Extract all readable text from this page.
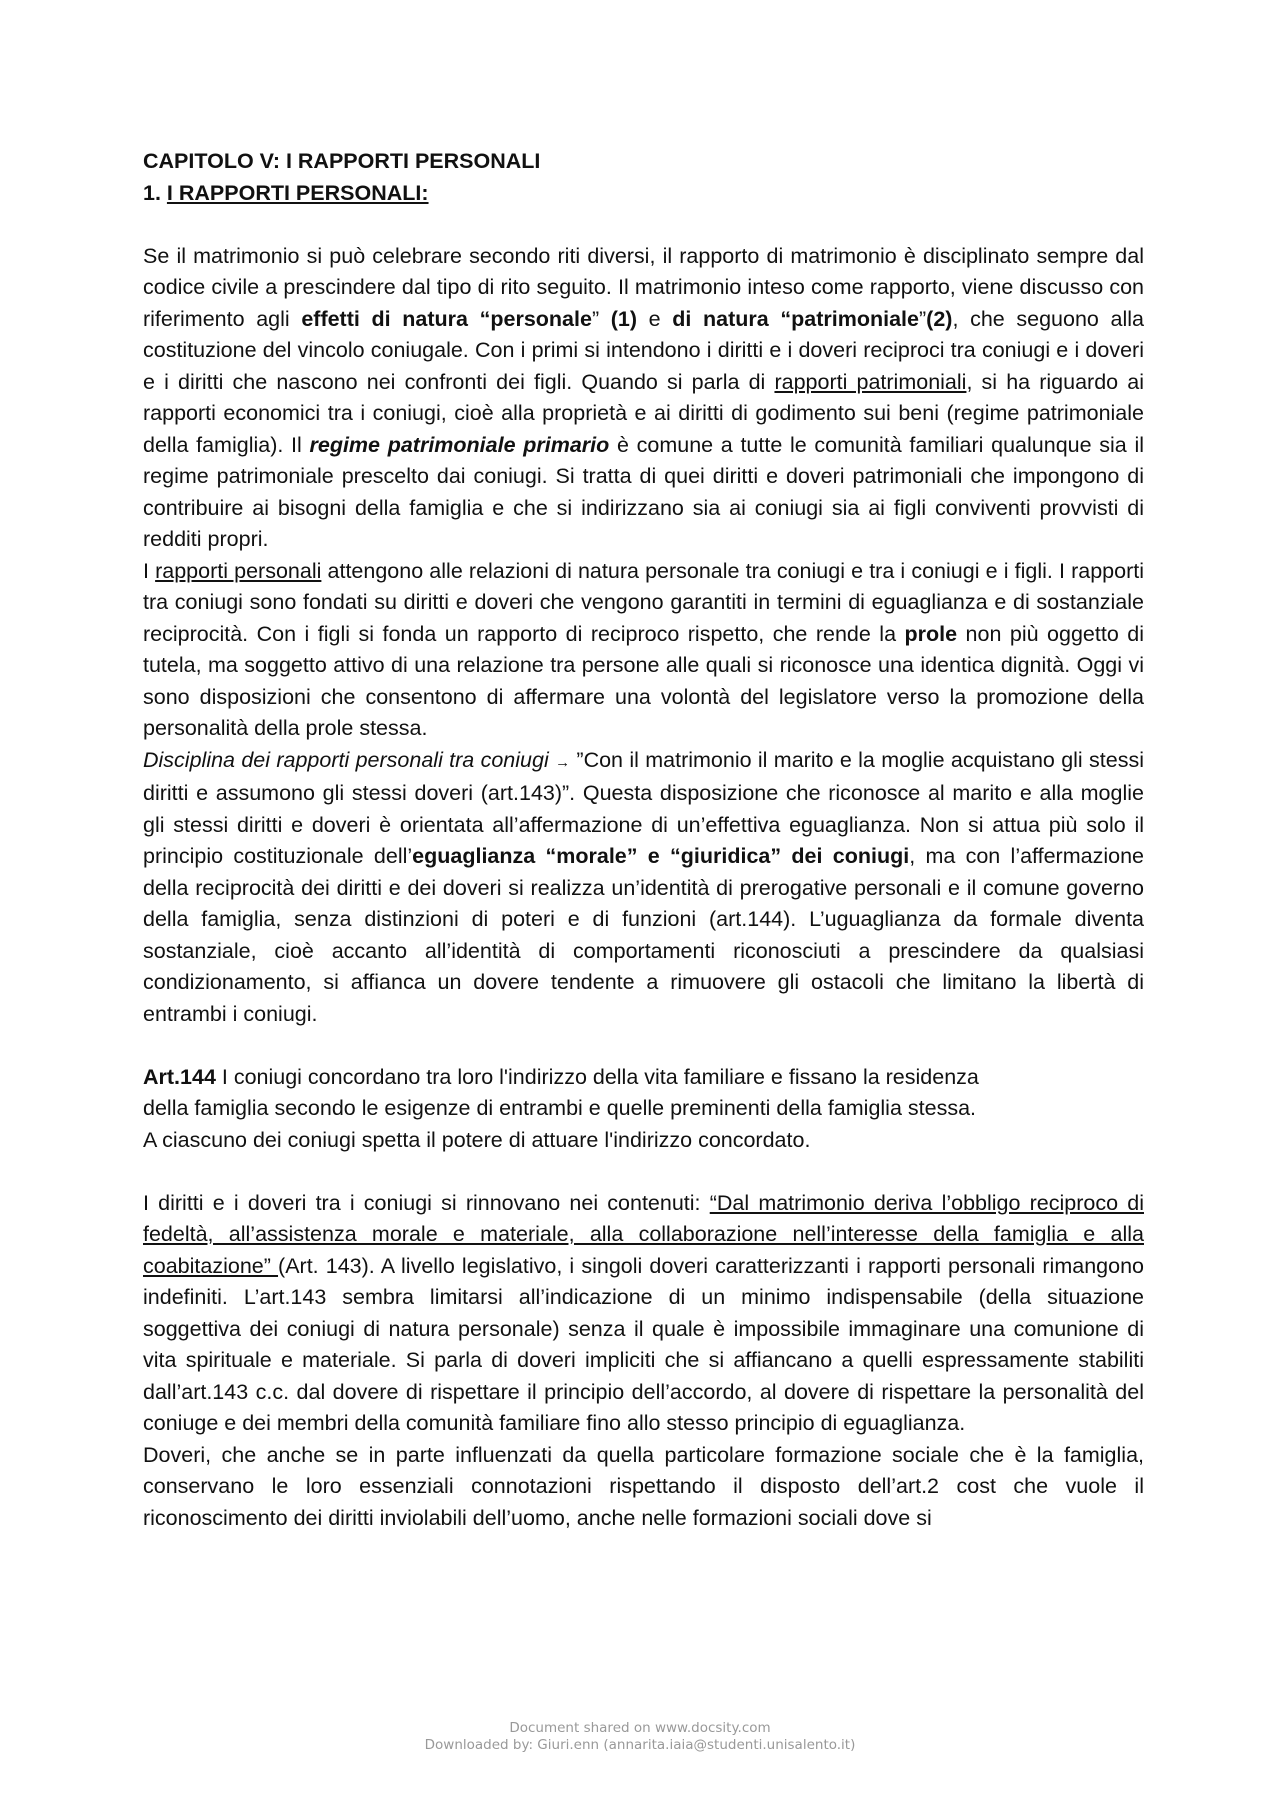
CAPITOLO V: I RAPPORTI PERSONALI

1. I RAPPORTI PERSONALI:

Se il matrimonio si può celebrare secondo riti diversi, il rapporto di matrimonio è disciplinato sempre dal codice civile a prescindere dal tipo di rito seguito. Il matrimonio inteso come rapporto, viene discusso con riferimento agli effetti di natura “personale” (1) e di natura “patrimoniale”(2), che seguono alla costituzione del vincolo coniugale. Con i primi si intendono i diritti e i doveri reciproci tra coniugi e i doveri e i diritti che nascono nei confronti dei figli. Quando si parla di rapporti patrimoniali, si ha riguardo ai rapporti economici tra i coniugi, cioè alla proprietà e ai diritti di godimento sui beni (regime patrimoniale della famiglia). Il regime patrimoniale primario è comune a tutte le comunità familiari qualunque sia il regime patrimoniale prescelto dai coniugi. Si tratta di quei diritti e doveri patrimoniali che impongono di contribuire ai bisogni della famiglia e che si indirizzano sia ai coniugi sia ai figli conviventi provvisti di redditi propri.

I rapporti personali attengono alle relazioni di natura personale tra coniugi e tra i coniugi e i figli. I rapporti tra coniugi sono fondati su diritti e doveri che vengono garantiti in termini di eguaglianza e di sostanziale reciprocità. Con i figli si fonda un rapporto di reciproco rispetto, che rende la prole non più oggetto di tutela, ma soggetto attivo di una relazione tra persone alle quali si riconosce una identica dignità. Oggi vi sono disposizioni che consentono di affermare una volontà del legislatore verso la promozione della personalità della prole stessa.

Disciplina dei rapporti personali tra coniugi → ”Con il matrimonio il marito e la moglie acquistano gli stessi diritti e assumono gli stessi doveri (art.143)”. Questa disposizione che riconosce al marito e alla moglie gli stessi diritti e doveri è orientata all’affermazione di un’effettiva eguaglianza. Non si attua più solo il principio costituzionale dell’eguaglianza “morale” e “giuridica” dei coniugi, ma con l’affermazione della reciprocità dei diritti e dei doveri si realizza un’identità di prerogative personali e il comune governo della famiglia, senza distinzioni di poteri e di funzioni (art.144). L’uguaglianza da formale diventa sostanziale, cioè accanto all’identità di comportamenti riconosciuti a prescindere da qualsiasi condizionamento, si affianca un dovere tendente a rimuovere gli ostacoli che limitano la libertà di entrambi i coniugi.

Art.144 I coniugi concordano tra loro l'indirizzo della vita familiare e fissano la residenza
della famiglia secondo le esigenze di entrambi e quelle preminenti della famiglia stessa.
A ciascuno dei coniugi spetta il potere di attuare l'indirizzo concordato.

I diritti e i doveri tra i coniugi si rinnovano nei contenuti: “Dal matrimonio deriva l’obbligo reciproco di fedeltà, all’assistenza morale e materiale, alla collaborazione nell’interesse della famiglia e alla coabitazione” (Art. 143). A livello legislativo, i singoli doveri caratterizzanti i rapporti personali rimangono indefiniti. L’art.143 sembra limitarsi all’indicazione di un minimo indispensabile (della situazione soggettiva dei coniugi di natura personale) senza il quale è impossibile immaginare una comunione di vita spirituale e materiale. Si parla di doveri impliciti che si affiancano a quelli espressamente stabiliti dall’art.143 c.c. dal dovere di rispettare il principio dell’accordo, al dovere di rispettare la personalità del coniuge e dei membri della comunità familiare fino allo stesso principio di eguaglianza.

Doveri, che anche se in parte influenzati da quella particolare formazione sociale che è la famiglia, conservano le loro essenziali connotazioni rispettando il disposto dell’art.2 cost che vuole il riconoscimento dei diritti inviolabili dell’uomo, anche nelle formazioni sociali dove si

Document shared on www.docsity.com
Downloaded by: Giuri.enn (annarita.iaia@studenti.unisalento.it)
